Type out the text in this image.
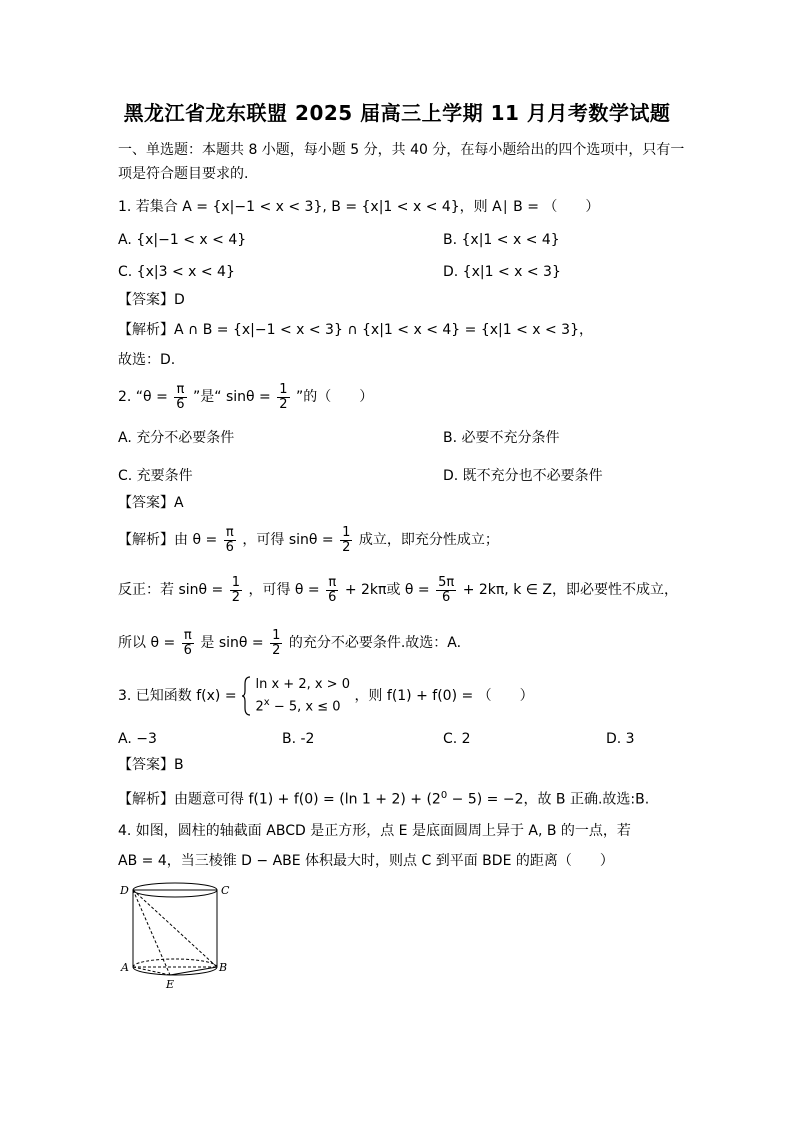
黑龙江省龙东联盟 2025 届高三上学期 11 月月考数学试题
一、单选题：本题共 8 小题，每小题 5 分，共 40 分，在每小题给出的四个选项中，只有一
项是符合题目要求的.
1. 若集合 A = {x|−1 < x < 3}, B = {x|1 < x < 4}，则 A∣ B = （　　）
A. {x|−1 < x < 4}	B. {x|1 < x < 4}
C. {x|3 < x < 4}	D. {x|1 < x < 3}
【答案】D
【解析】A ∩ B = {x|−1 < x < 3} ∩ {x|1 < x < 4} = {x|1 < x < 3}，
故选：D.
2. “$\theta = \frac{\pi}{6}$ ”是“ $\sin\theta = \frac{1}{2}$ ”的（　　）
A. 充分不必要条件	B. 必要不充分条件
C. 充要条件	D. 既不充分也不必要条件
【答案】A
【解析】由 $\theta = \frac{\pi}{6}$ ，可得 $\sin\theta = \frac{1}{2}$ 成立，即充分性成立；
反正：若 $\sin\theta = \frac{1}{2}$ ，可得 $\theta = \frac{\pi}{6} + 2k\pi$或 $\theta = \frac{5\pi}{6} + 2k\pi$, k ∈ Z，即必要性不成立，
所以 $\theta = \frac{\pi}{6}$ 是 $\sin\theta = \frac{1}{2}$ 的充分不必要条件.故选：A.
3. 已知函数 f(x) =
ln x + 2, x > 0
$2^x - 5$, x ≤ 0
，则 f(1) + f(0) = （　　）
A. −3	B. -2	C. 2	D. 3
【答案】B
【解析】由题意可得 f(1) + f(0) = (ln $1 + 2) + (2^0 - 5) = -2$，故 B 正确.故选:B.
4. 如图，圆柱的轴截面 ABCD 是正方形，点 E 是底面圆周上异于 A, B 的一点，若
AB = 4，当三棱锥 D − ABE 体积最大时，则点 C 到平面 BDE 的距离（　　）
D	C
A	B
E
